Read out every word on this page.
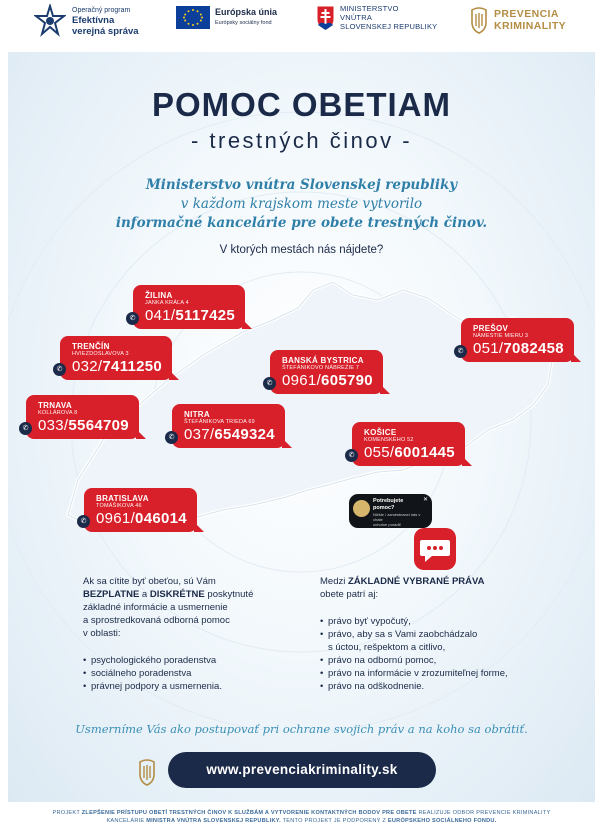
Operačný program
Efektívna
verejná správa
Európska únia
Európsky sociálny fond
MINISTERSTVO
VNÚTRA
SLOVENSKEJ REPUBLIKY
PREVENCIA
KRIMINALITY
POMOC OBETIAM
- trestných činov -
Ministerstvo vnútra Slovenskej republiky
v každom krajskom meste vytvorilo
informačné kancelárie pre obete trestných činov.
V ktorých mestách nás nájdete?
ŽILINA
JANKA KRÁĽA 4
041/5117425
✆
TRENČÍN
HVIEZDOSLAVOVA 3
032/7411250
✆
TRNAVA
KOLLÁROVA 8
033/5564709
✆
NITRA
ŠTEFÁNIKOVA TRIEDA 69
037/6549324
✆
BRATISLAVA
TOMÁŠIKOVA 46
0961/046014
✆
BANSKÁ BYSTRICA
ŠTEFÁNIKOVO NÁBREŽIE 7
0961/605790
✆
PREŠOV
NÁMESTIE MIERU 3
051/7082458
✆
KOŠICE
KOMENSKÉHO 52
055/6001445
✆
✕
Potrebujete
pomoc?
Nižšie / zamestnanci nás v chate
ochotne poradiť
Ak sa cítite byť obeťou, sú Vám
BEZPLATNE a DISKRÉTNE poskytnuté
základné informácie a usmernenie
a sprostredkovaná odborná pomoc
v oblasti:
• psychologického poradenstva
• sociálneho poradenstva
• právnej podpory a usmernenia.
Medzi ZÁKLADNÉ VYBRANÉ PRÁVA
obete patrí aj:
• právo byť vypočutý,
• právo, aby sa s Vami zaobchádzalo
s úctou, rešpektom a citlivo,
• právo na odbornú pomoc,
• právo na informácie v zrozumiteľnej forme,
• právo na odškodnenie.
Usmerníme Vás ako postupovať pri ochrane svojich práv a na koho sa obrátiť.
www.prevenciakriminality.sk
PROJEKT ZLEPŠENIE PRÍSTUPU OBETÍ TRESTNÝCH ČINOV K SLUŽBÁM A VYTVORENIE KONTAKTNÝCH BODOV PRE OBETE REALIZUJE ODBOR PREVENCIE KRIMINALITY
KANCELÁRIE MINISTRA VNÚTRA SLOVENSKEJ REPUBLIKY. TENTO PROJEKT JE PODPORENÝ Z EURÓPSKEHO SOCIÁLNEHO FONDU.
